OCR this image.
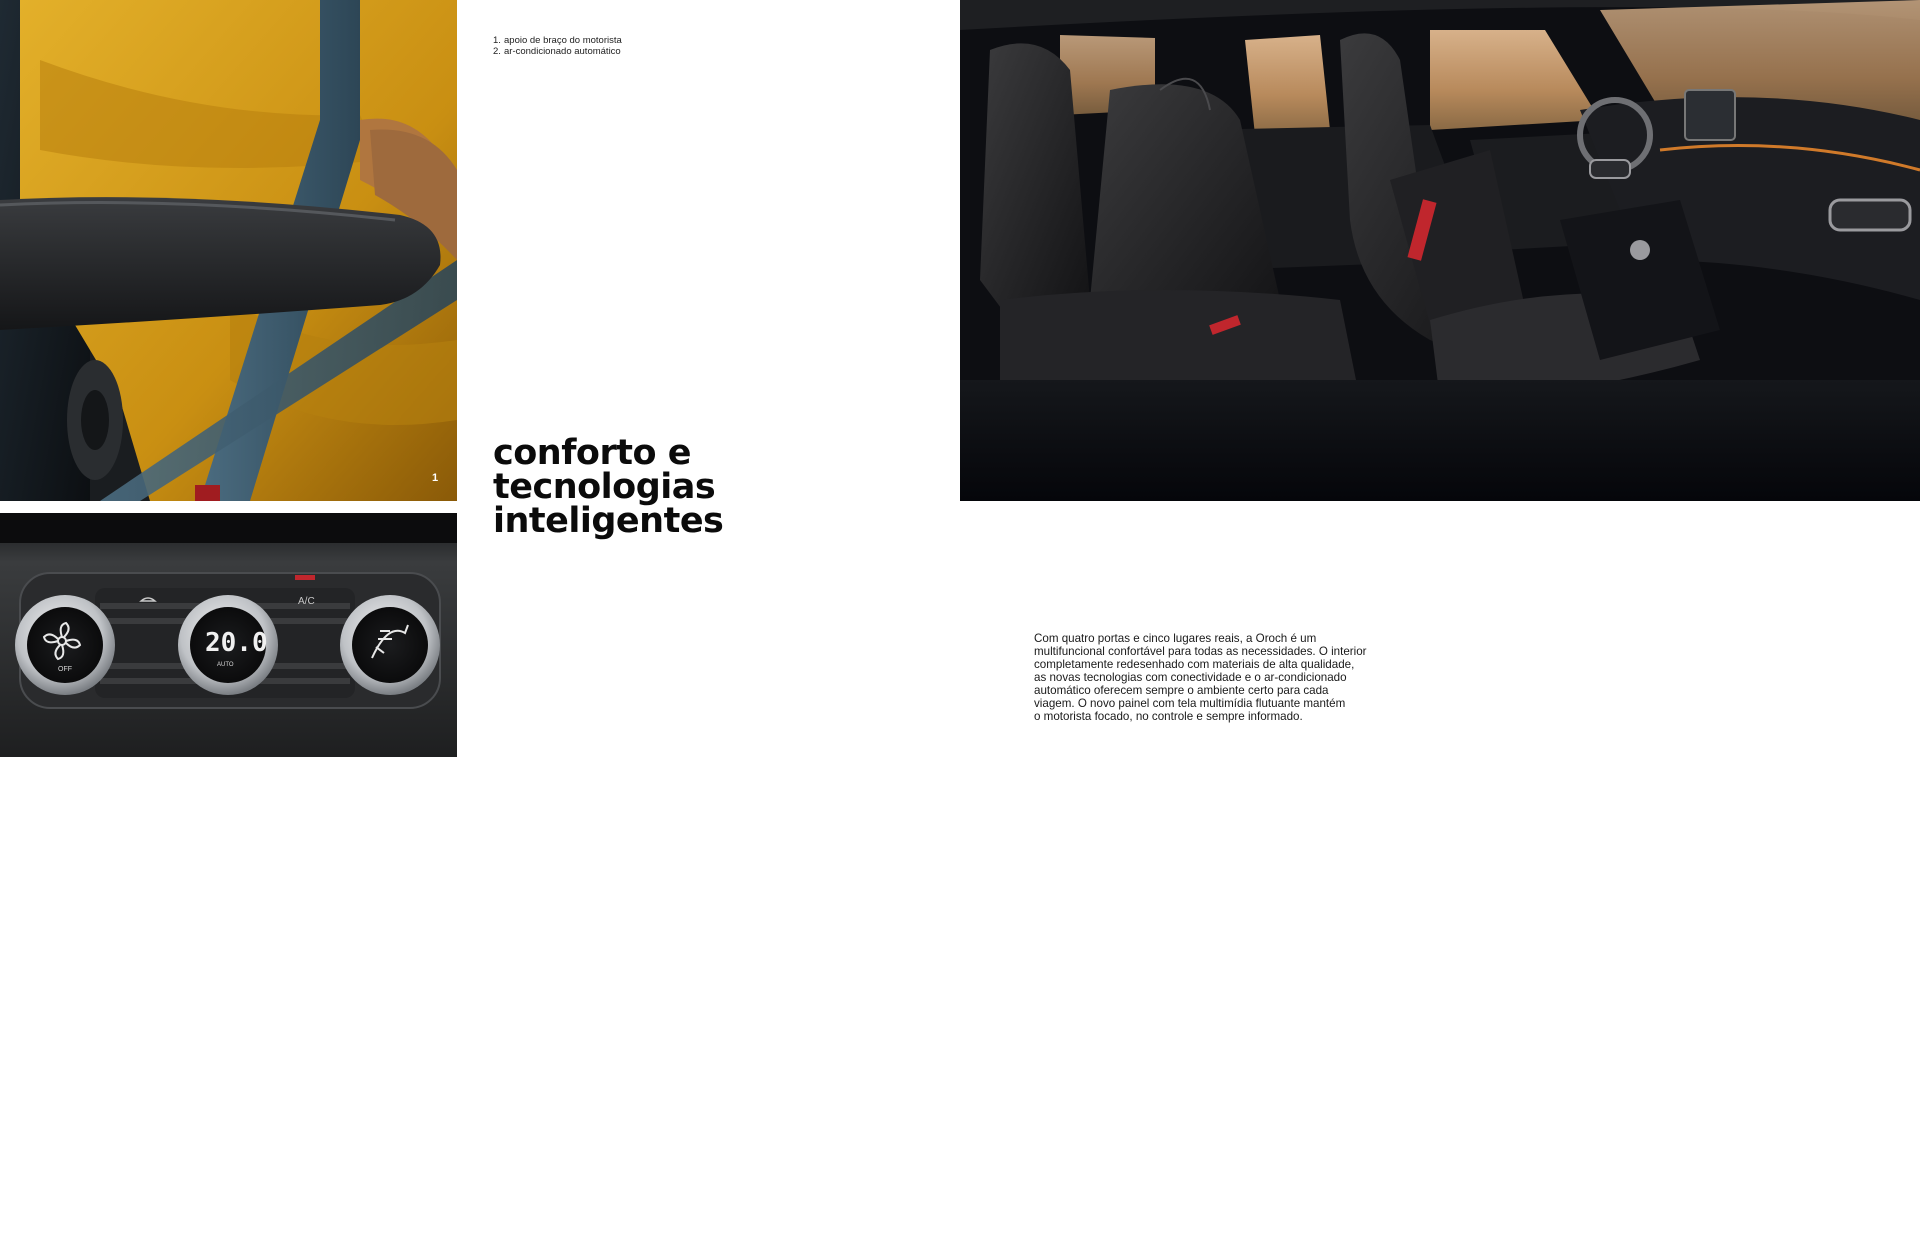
1
OFF
20.0
AUTO
A/C
2
1. apoio de braço do motorista
2. ar-condicionado automático
conforto e tecnologias
inteligentes

Com quatro portas e cinco lugares reais, a Oroch é um
multifuncional confortável para todas as necessidades. O interior
completamente redesenhado com materiais de alta qualidade,
as novas tecnologias com conectividade e o ar-condicionado
automático oferecem sempre o ambiente certo para cada
viagem. O novo painel com tela multimídia flutuante mantém
o motorista focado, no controle e sempre informado.
